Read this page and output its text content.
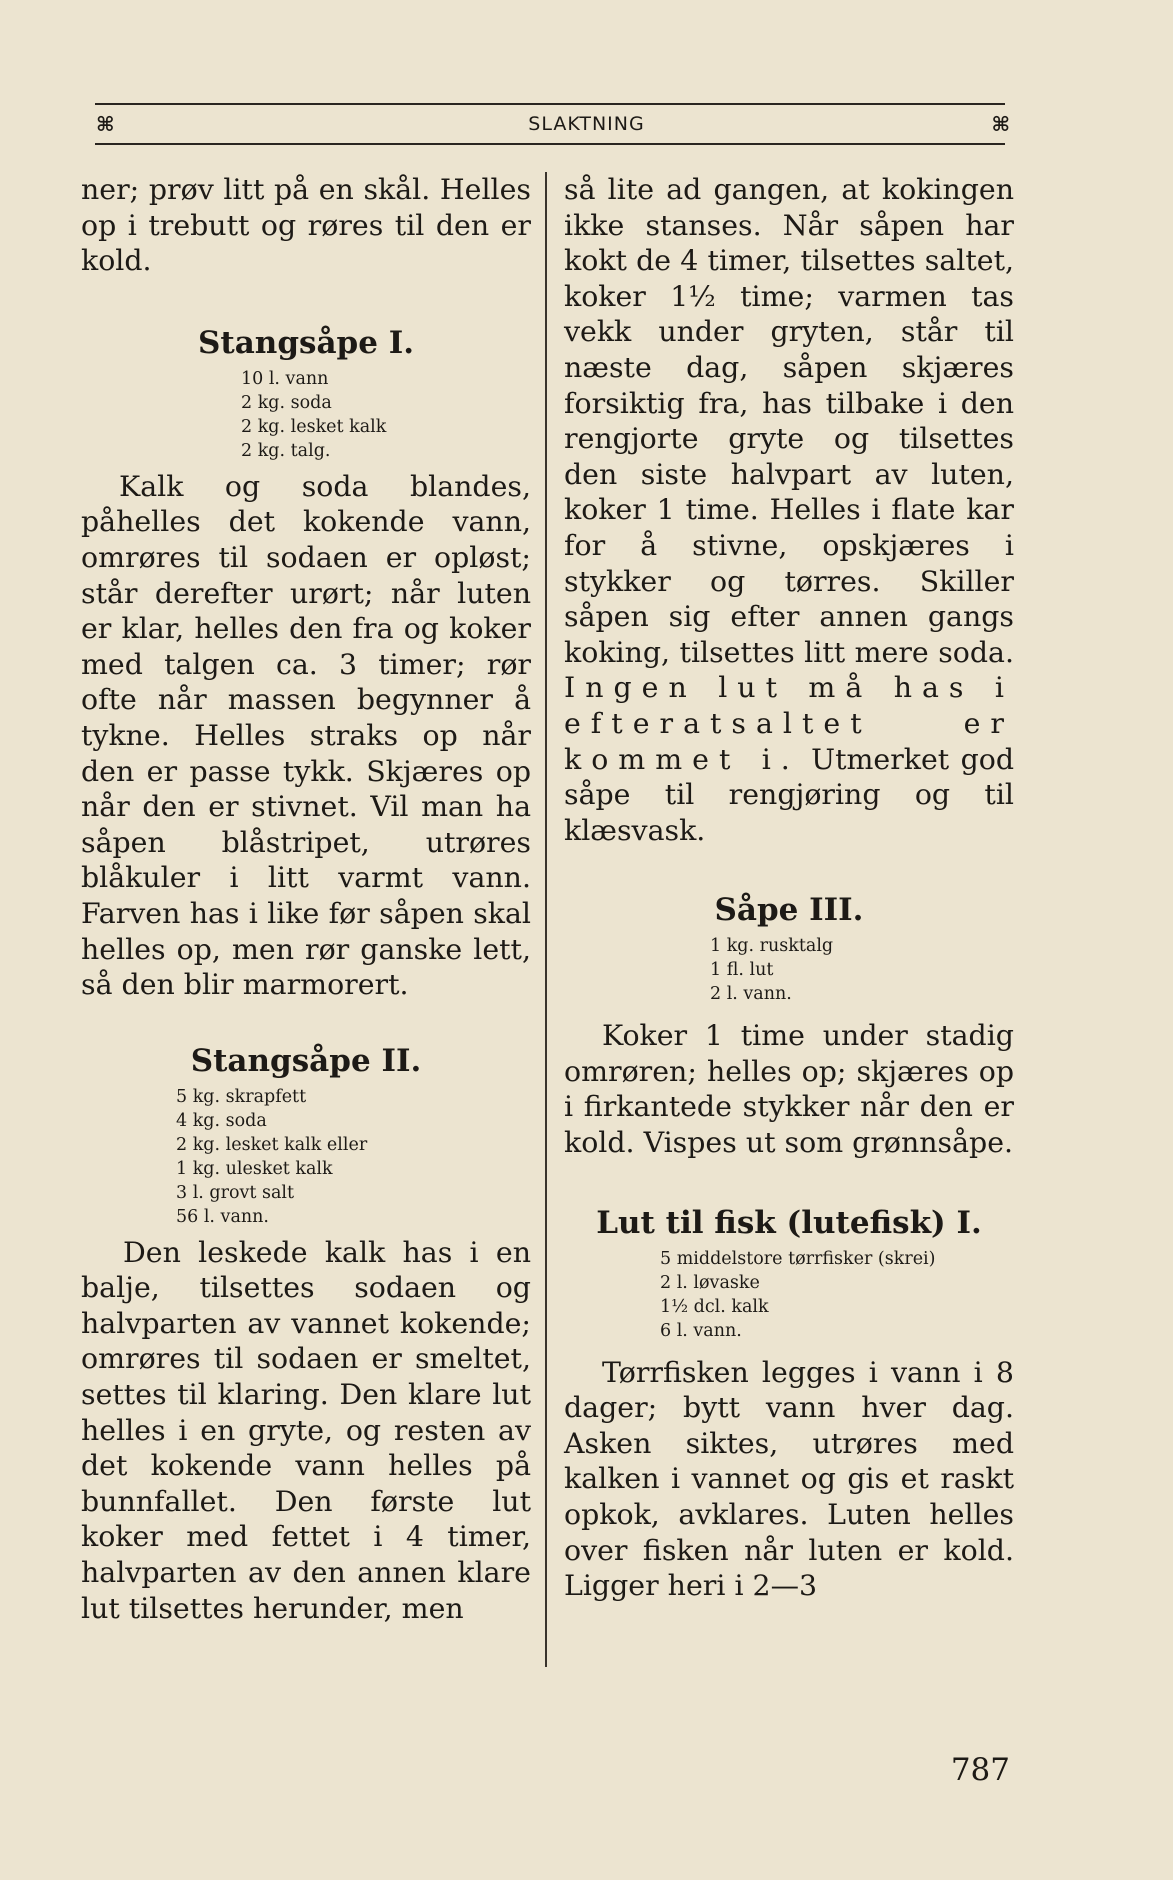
⌘	SLAKTNING	⌘

ner; prøv litt på en skål. Helles op i trebutt og røres til den er kold.

Stangsåpe I.
10 l. vann
2 kg. soda
2 kg. lesket kalk
2 kg. talg.

Kalk og soda blandes, påhelles det kokende vann, omrøres til sodaen er opløst; står derefter urørt; når luten er klar, helles den fra og koker med talgen ca. 3 timer; rør ofte når massen begynner å tykne. Helles straks op når den er passe tykk. Skjæres op når den er stivnet. Vil man ha såpen blåstripet, utrøres blåkuler i litt varmt vann. Farven has i like før såpen skal helles op, men rør ganske lett, så den blir marmorert.

Stangsåpe II.
5 kg. skrapfett
4 kg. soda
2 kg. lesket kalk eller
1 kg. ulesket kalk
3 l. grovt salt
56 l. vann.

Den leskede kalk has i en balje, tilsettes sodaen og halvparten av vannet kokende; omrøres til sodaen er smeltet, settes til klaring. Den klare lut helles i en gryte, og resten av det kokende vann helles på bunnfallet. Den første lut koker med fettet i 4 timer, halvparten av den annen klare lut tilsettes herunder, men

så lite ad gangen, at kokingen ikke stanses. Når såpen har kokt de 4 timer, tilsettes saltet, koker 1½ time; varmen tas vekk under gryten, står til næste dag, såpen skjæres forsiktig fra, has tilbake i den rengjorte gryte og tilsettes den siste halvpart av luten, koker 1 time. Helles i flate kar for å stivne, opskjæres i stykker og tørres. Skiller såpen sig efter annen gangs koking, tilsettes litt mere soda. Ingen lut må has i efteratsaltet er kommet i. Utmerket god såpe til rengjøring og til klæsvask.

Såpe III.
1 kg. rusktalg
1 fl. lut
2 l. vann.

Koker 1 time under stadig omrøren; helles op; skjæres op i firkantede stykker når den er kold. Vispes ut som grønnsåpe.

Lut til fisk (lutefisk) I.
5 middelstore tørrfisker (skrei)
2 l. løvaske
1½ dcl. kalk
6 l. vann.

Tørrfisken legges i vann i 8 dager; bytt vann hver dag. Asken siktes, utrøres med kalken i vannet og gis et raskt opkok, avklares. Luten helles over fisken når luten er kold. Ligger heri i 2—3

787
